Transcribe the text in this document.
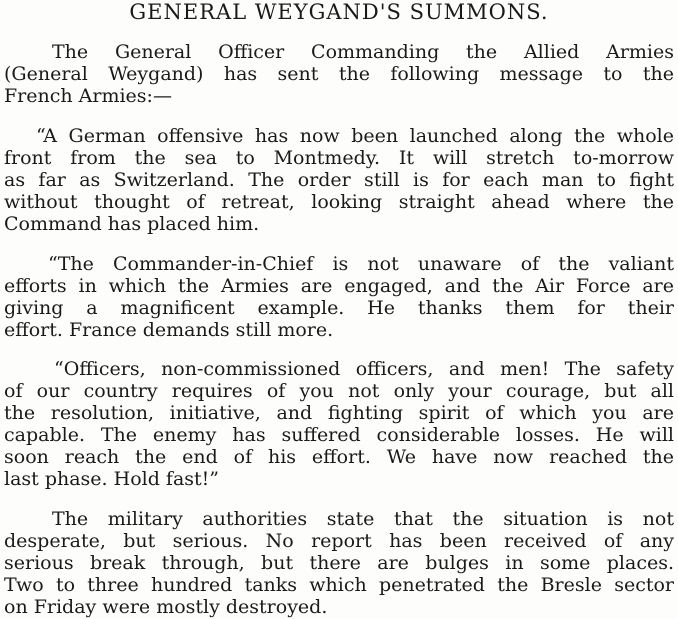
GENERAL WEYGAND'S SUMMONS.
The General Officer Commanding the Allied Armies
(General Weygand) has sent the following message to the
French Armies:—
“A German offensive has now been launched along the whole
front from the sea to Montmedy. It will stretch to-morrow
as far as Switzerland. The order still is for each man to fight
without thought of retreat, looking straight ahead where the
Command has placed him.
“The Commander-in-Chief is not unaware of the valiant
efforts in which the Armies are engaged, and the Air Force are
giving a magnificent example. He thanks them for their
effort. France demands still more.
“Officers, non-commissioned officers, and men! The safety
of our country requires of you not only your courage, but all
the resolution, initiative, and fighting spirit of which you are
capable. The enemy has suffered considerable losses. He will
soon reach the end of his effort. We have now reached the
last phase. Hold fast!”
The military authorities state that the situation is not
desperate, but serious. No report has been received of any
serious break through, but there are bulges in some places.
Two to three hundred tanks which penetrated the Bresle sector
on Friday were mostly destroyed.
